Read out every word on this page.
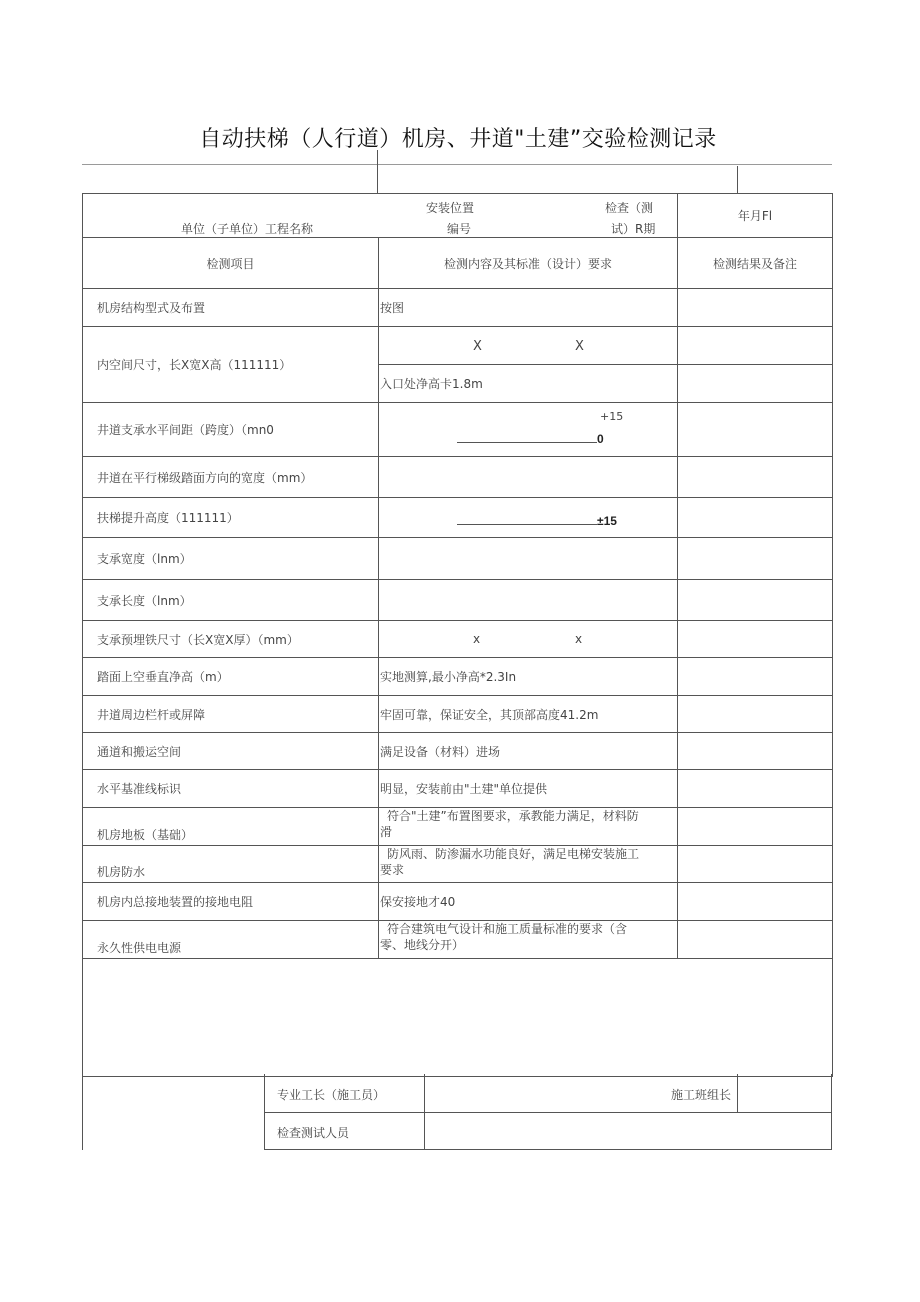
自动扶梯（人行道）机房、井道"土建”交验检测记录
单位（子单位）工程名称
安装位置
编号
检查（测
试）R期		年月Fl
检测项目	检测内容及其标准（设计）要求	检测结果及备注
机房结构型式及布置	按图	
内空间尺寸，长X宽X高（111111）	X X	

	入口处净高卡1.8m	
井道支承水平间距（跨度）（mn0	+15
0	

井道在平行梯级踏面方向的宽度（mm）		
扶梯提升高度（111111）	±15	

支承宽度（lnm）		
支承长度（lnm）		
支承预埋铁尺寸（长X宽X厚）（mm）	x x	

踏面上空垂直净高（m）	实地测算,最小净高*2.3In	
井道周边栏杆或屏障	牢固可靠，保证安全，其顶部高度41.2m	
通道和搬运空间	满足设备（材料）进场	
水平基准线标识	明显，安装前由"土建"单位提供	
机房地板（基础）	符合"土建”布置图要求，承教能力满足，材料防
滑	

机房防水	防风雨、防渗漏水功能良好，满足电梯安装施工
要求	

机房内总接地装置的接地电阻	保安接地才40	
永久性供电电源	符合建筑电气设计和施工质量标准的要求（含
零、地线分开）	

专业工长（施工员）	施工班组长
检查测试人员
